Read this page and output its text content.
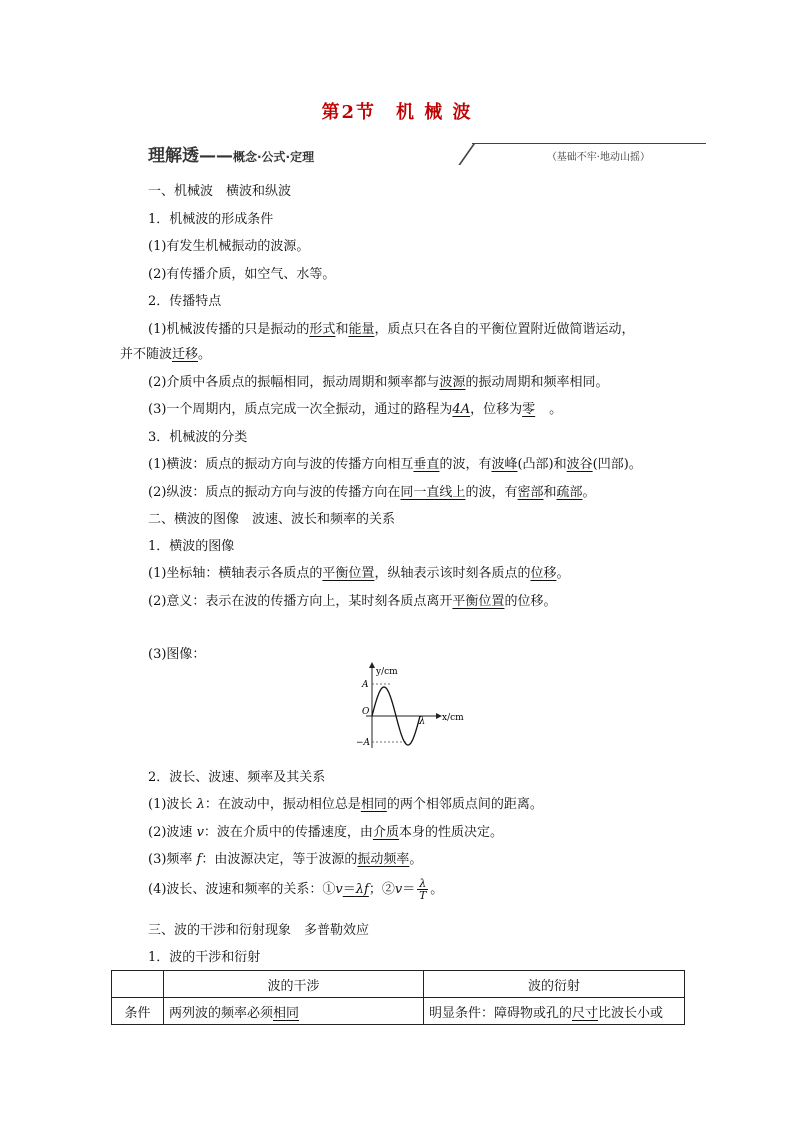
第2节　机 械 波
理解透——概念·公式·定理	（基础不牢·地动山摇）
一、机械波　横波和纵波
1．机械波的形成条件
(1)有发生机械振动的波源。
(2)有传播介质，如空气、水等。
2．传播特点
(1)机械波传播的只是振动的形式和能量，质点只在各自的平衡位置附近做简谐运动，
并不随波迁移。
(2)介质中各质点的振幅相同，振动周期和频率都与波源的振动周期和频率相同。
(3)一个周期内，质点完成一次全振动，通过的路程为4A，位移为零 。
3．机械波的分类
(1)横波：质点的振动方向与波的传播方向相互垂直的波，有波峰(凸部)和波谷(凹部)。
(2)纵波：质点的振动方向与波的传播方向在同一直线上的波，有密部和疏部。
二、横波的图像　波速、波长和频率的关系
1．横波的图像
(1)坐标轴：横轴表示各质点的平衡位置，纵轴表示该时刻各质点的位移。
(2)意义：表示在波的传播方向上，某时刻各质点离开平衡位置的位移。
(3)图像：
y/cm
x/cm
A
−A
O
λ
2．波长、波速、频率及其关系
(1)波长 λ：在波动中，振动相位总是相同的两个相邻质点间的距离。
(2)波速 v：波在介质中的传播速度，由介质本身的性质决定。
(3)频率 f：由波源决定，等于波源的振动频率。
(4)波长、波速和频率的关系：①v＝λf；②v＝ $\frac{\lambda}{T}$ 。
三、波的干涉和衍射现象　多普勒效应
1．波的干涉和衍射
	波的干涉	波的衍射
条件	两列波的频率必须相同	明显条件：障碍物或孔的尺寸比波长小或
